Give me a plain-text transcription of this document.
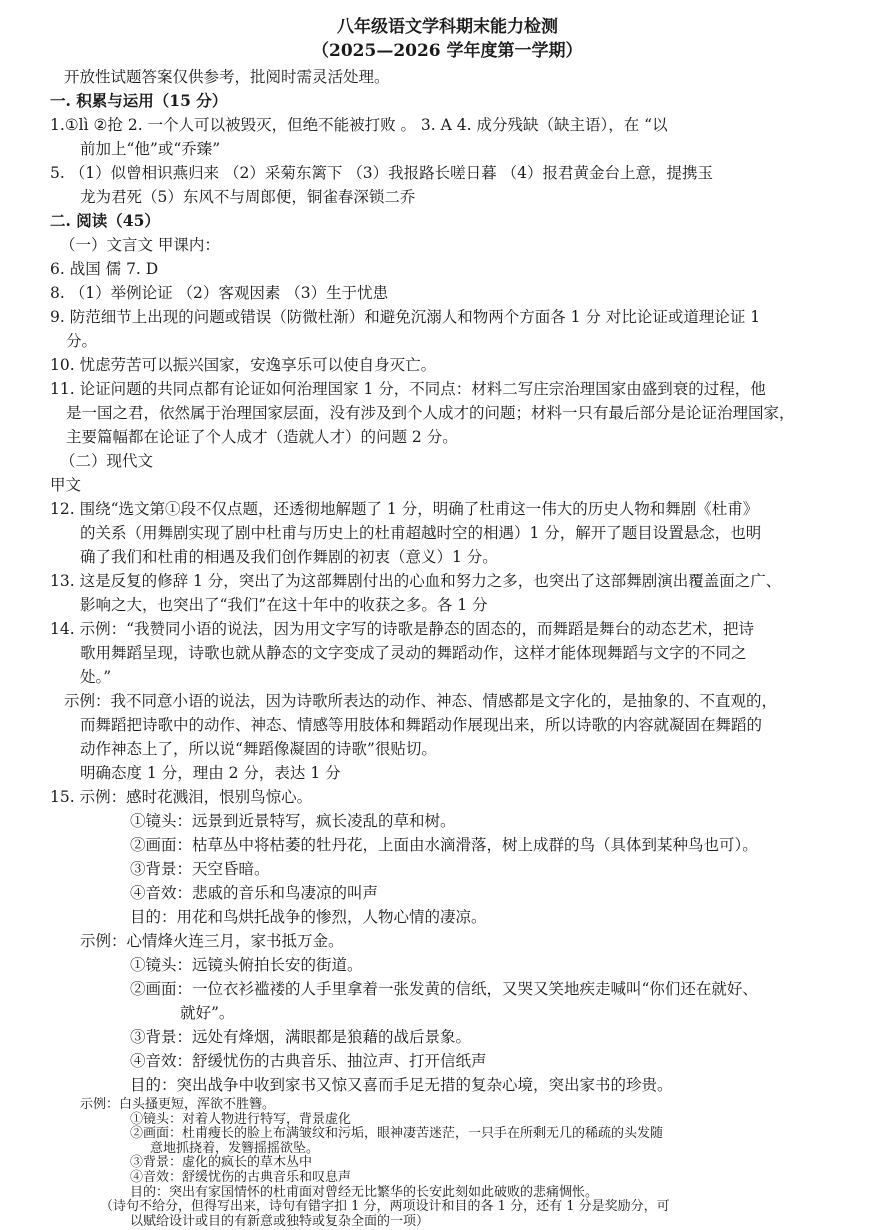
八年级语文学科期末能力检测
（2025—2026 学年度第一学期）
开放性试题答案仅供参考，批阅时需灵活处理。
一. 积累与运用（15 分）
1.①lì ②抢 2. 一个人可以被毁灭，但绝不能被打败 。 3. A 4. 成分残缺（缺主语），在 “以
前加上“他”或“乔臻”
5. （1）似曾相识燕归来 （2）采菊东篱下 （3）我报路长嗟日暮 （4）报君黄金台上意，提携玉
龙为君死（5）东风不与周郎便，铜雀春深锁二乔
二. 阅读（45）
（一）文言文 甲课内：
6. 战国 儒 7. D
8. （1）举例论证 （2）客观因素 （3）生于忧患
9. 防范细节上出现的问题或错误（防微杜渐）和避免沉溺人和物两个方面各 1 分 对比论证或道理论证 1
分。
10. 忧虑劳苦可以振兴国家，安逸享乐可以使自身灭亡。
11. 论证问题的共同点都有论证如何治理国家 1 分，不同点：材料二写庄宗治理国家由盛到衰的过程，他
是一国之君，依然属于治理国家层面，没有涉及到个人成才的问题；材料一只有最后部分是论证治理国家，
主要篇幅都在论证了个人成才（造就人才）的问题 2 分。
（二）现代文
甲文
12. 围绕“选文第①段不仅点题，还透彻地解题了 1 分，明确了杜甫这一伟大的历史人物和舞剧《杜甫》
的关系（用舞剧实现了剧中杜甫与历史上的杜甫超越时空的相遇）1 分，解开了题目设置悬念，也明
确了我们和杜甫的相遇及我们创作舞剧的初衷（意义）1 分。
13. 这是反复的修辞 1 分，突出了为这部舞剧付出的心血和努力之多，也突出了这部舞剧演出覆盖面之广、
影响之大，也突出了“我们”在这十年中的收获之多。各 1 分
14. 示例：“我赞同小语的说法，因为用文字写的诗歌是静态的固态的，而舞蹈是舞台的动态艺术，把诗
歌用舞蹈呈现，诗歌也就从静态的文字变成了灵动的舞蹈动作，这样才能体现舞蹈与文字的不同之
处。”
示例：我不同意小语的说法，因为诗歌所表达的动作、神态、情感都是文字化的，是抽象的、不直观的，
而舞蹈把诗歌中的动作、神态、情感等用肢体和舞蹈动作展现出来，所以诗歌的内容就凝固在舞蹈的
动作神态上了，所以说“舞蹈像凝固的诗歌”很贴切。
明确态度 1 分，理由 2 分，表达 1 分
15. 示例：感时花溅泪，恨别鸟惊心。
①镜头：远景到近景特写，疯长凌乱的草和树。
②画面：枯草丛中将枯萎的牡丹花，上面由水滴滑落，树上成群的鸟（具体到某种鸟也可）。
③背景：天空昏暗。
④音效：悲戚的音乐和鸟凄凉的叫声
目的：用花和鸟烘托战争的惨烈，人物心情的凄凉。
示例：心情烽火连三月，家书抵万金。
①镜头：远镜头俯拍长安的街道。
②画面：一位衣衫褴褛的人手里拿着一张发黄的信纸，又哭又笑地疾走喊叫“你们还在就好、
就好”。
③背景：远处有烽烟，满眼都是狼藉的战后景象。
④音效：舒缓忧伤的古典音乐、抽泣声、打开信纸声
目的：突出战争中收到家书又惊又喜而手足无措的复杂心境，突出家书的珍贵。
示例：白头搔更短，浑欲不胜簪。
①镜头：对着人物进行特写，背景虚化
②画面：杜甫瘦长的脸上布满皱纹和污垢，眼神凄苦迷茫，一只手在所剩无几的稀疏的头发随
意地抓挠着，发簪摇摇欲坠。
③背景：虚化的疯长的草木丛中
④音效：舒缓忧伤的古典音乐和叹息声
目的：突出有家国情怀的杜甫面对曾经无比繁华的长安此刻如此破败的悲痛惆怅。
（诗句不给分，但得写出来，诗句有错字扣 1 分，两项设计和目的各 1 分，还有 1 分是奖励分，可
以赋给设计或目的有新意或独特或复杂全面的一项）
